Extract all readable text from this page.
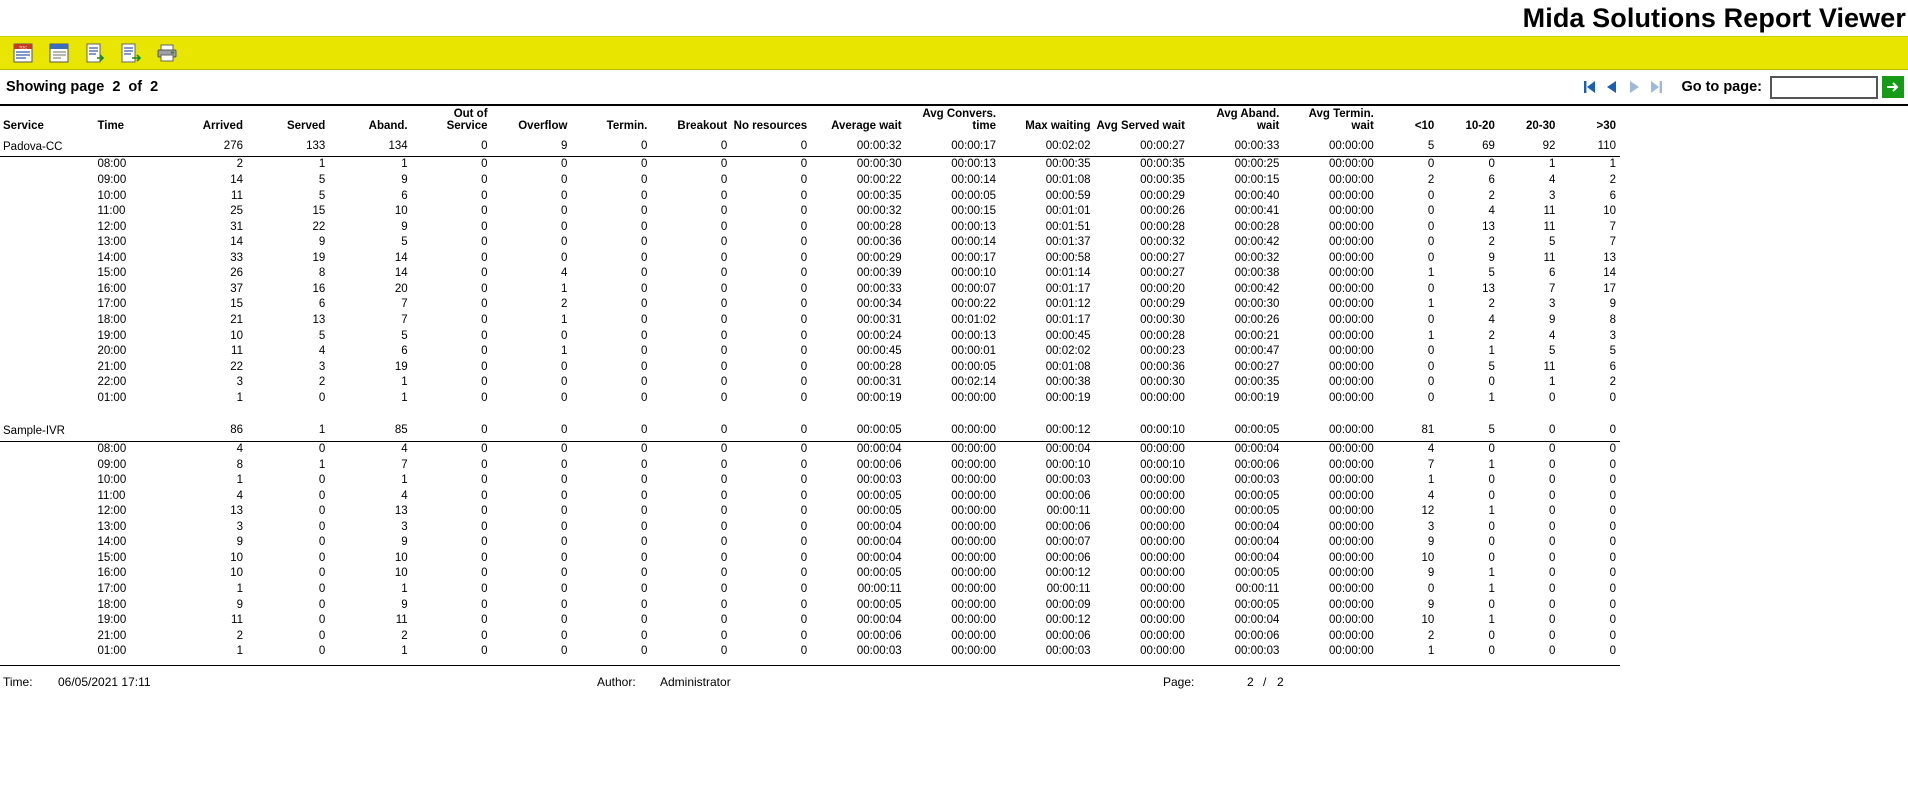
Mida Solutions Report Viewer
TOC
Showing page 2 of 2	Go to page:
Service	Time	Arrived	Served	Aband.	Out of Service	Overflow	Termin.	Breakout	No resources	Average wait	Avg Convers. time	Max waiting	Avg Served wait	Avg Aband. wait	Avg Termin. wait	<10	10-20	20-30	>30
Padova-CC		276	133	134	0	9	0	0	0	00:00:32	00:00:17	00:02:02	00:00:27	00:00:33	00:00:00	5	69	92	110
	08:00	2	1	1	0	0	0	0	0	00:00:30	00:00:13	00:00:35	00:00:35	00:00:25	00:00:00	0	0	1	1
	09:00	14	5	9	0	0	0	0	0	00:00:22	00:00:14	00:01:08	00:00:35	00:00:15	00:00:00	2	6	4	2
	10:00	11	5	6	0	0	0	0	0	00:00:35	00:00:05	00:00:59	00:00:29	00:00:40	00:00:00	0	2	3	6
	11:00	25	15	10	0	0	0	0	0	00:00:32	00:00:15	00:01:01	00:00:26	00:00:41	00:00:00	0	4	11	10
	12:00	31	22	9	0	0	0	0	0	00:00:28	00:00:13	00:01:51	00:00:28	00:00:28	00:00:00	0	13	11	7
	13:00	14	9	5	0	0	0	0	0	00:00:36	00:00:14	00:01:37	00:00:32	00:00:42	00:00:00	0	2	5	7
	14:00	33	19	14	0	0	0	0	0	00:00:29	00:00:17	00:00:58	00:00:27	00:00:32	00:00:00	0	9	11	13
	15:00	26	8	14	0	4	0	0	0	00:00:39	00:00:10	00:01:14	00:00:27	00:00:38	00:00:00	1	5	6	14
	16:00	37	16	20	0	1	0	0	0	00:00:33	00:00:07	00:01:17	00:00:20	00:00:42	00:00:00	0	13	7	17
	17:00	15	6	7	0	2	0	0	0	00:00:34	00:00:22	00:01:12	00:00:29	00:00:30	00:00:00	1	2	3	9
	18:00	21	13	7	0	1	0	0	0	00:00:31	00:01:02	00:01:17	00:00:30	00:00:26	00:00:00	0	4	9	8
	19:00	10	5	5	0	0	0	0	0	00:00:24	00:00:13	00:00:45	00:00:28	00:00:21	00:00:00	1	2	4	3
	20:00	11	4	6	0	1	0	0	0	00:00:45	00:00:01	00:02:02	00:00:23	00:00:47	00:00:00	0	1	5	5
	21:00	22	3	19	0	0	0	0	0	00:00:28	00:00:05	00:01:08	00:00:36	00:00:27	00:00:00	0	5	11	6
	22:00	3	2	1	0	0	0	0	0	00:00:31	00:02:14	00:00:38	00:00:30	00:00:35	00:00:00	0	0	1	2
	01:00	1	0	1	0	0	0	0	0	00:00:19	00:00:00	00:00:19	00:00:00	00:00:19	00:00:00	0	1	0	0

Sample-IVR		86	1	85	0	0	0	0	0	00:00:05	00:00:00	00:00:12	00:00:10	00:00:05	00:00:00	81	5	0	0
	08:00	4	0	4	0	0	0	0	0	00:00:04	00:00:00	00:00:04	00:00:00	00:00:04	00:00:00	4	0	0	0
	09:00	8	1	7	0	0	0	0	0	00:00:06	00:00:00	00:00:10	00:00:10	00:00:06	00:00:00	7	1	0	0
	10:00	1	0	1	0	0	0	0	0	00:00:03	00:00:00	00:00:03	00:00:00	00:00:03	00:00:00	1	0	0	0
	11:00	4	0	4	0	0	0	0	0	00:00:05	00:00:00	00:00:06	00:00:00	00:00:05	00:00:00	4	0	0	0
	12:00	13	0	13	0	0	0	0	0	00:00:05	00:00:00	00:00:11	00:00:00	00:00:05	00:00:00	12	1	0	0
	13:00	3	0	3	0	0	0	0	0	00:00:04	00:00:00	00:00:06	00:00:00	00:00:04	00:00:00	3	0	0	0
	14:00	9	0	9	0	0	0	0	0	00:00:04	00:00:00	00:00:07	00:00:00	00:00:04	00:00:00	9	0	0	0
	15:00	10	0	10	0	0	0	0	0	00:00:04	00:00:00	00:00:06	00:00:00	00:00:04	00:00:00	10	0	0	0
	16:00	10	0	10	0	0	0	0	0	00:00:05	00:00:00	00:00:12	00:00:00	00:00:05	00:00:00	9	1	0	0
	17:00	1	0	1	0	0	0	0	0	00:00:11	00:00:00	00:00:11	00:00:00	00:00:11	00:00:00	0	1	0	0
	18:00	9	0	9	0	0	0	0	0	00:00:05	00:00:00	00:00:09	00:00:00	00:00:05	00:00:00	9	0	0	0
	19:00	11	0	11	0	0	0	0	0	00:00:04	00:00:00	00:00:12	00:00:00	00:00:04	00:00:00	10	1	0	0
	21:00	2	0	2	0	0	0	0	0	00:00:06	00:00:00	00:00:06	00:00:00	00:00:06	00:00:00	2	0	0	0
	01:00	1	0	1	0	0	0	0	0	00:00:03	00:00:00	00:00:03	00:00:00	00:00:03	00:00:00	1	0	0	0
Time: 06/05/2021 17:11	Author: Administrator	Page:	2 / 2
